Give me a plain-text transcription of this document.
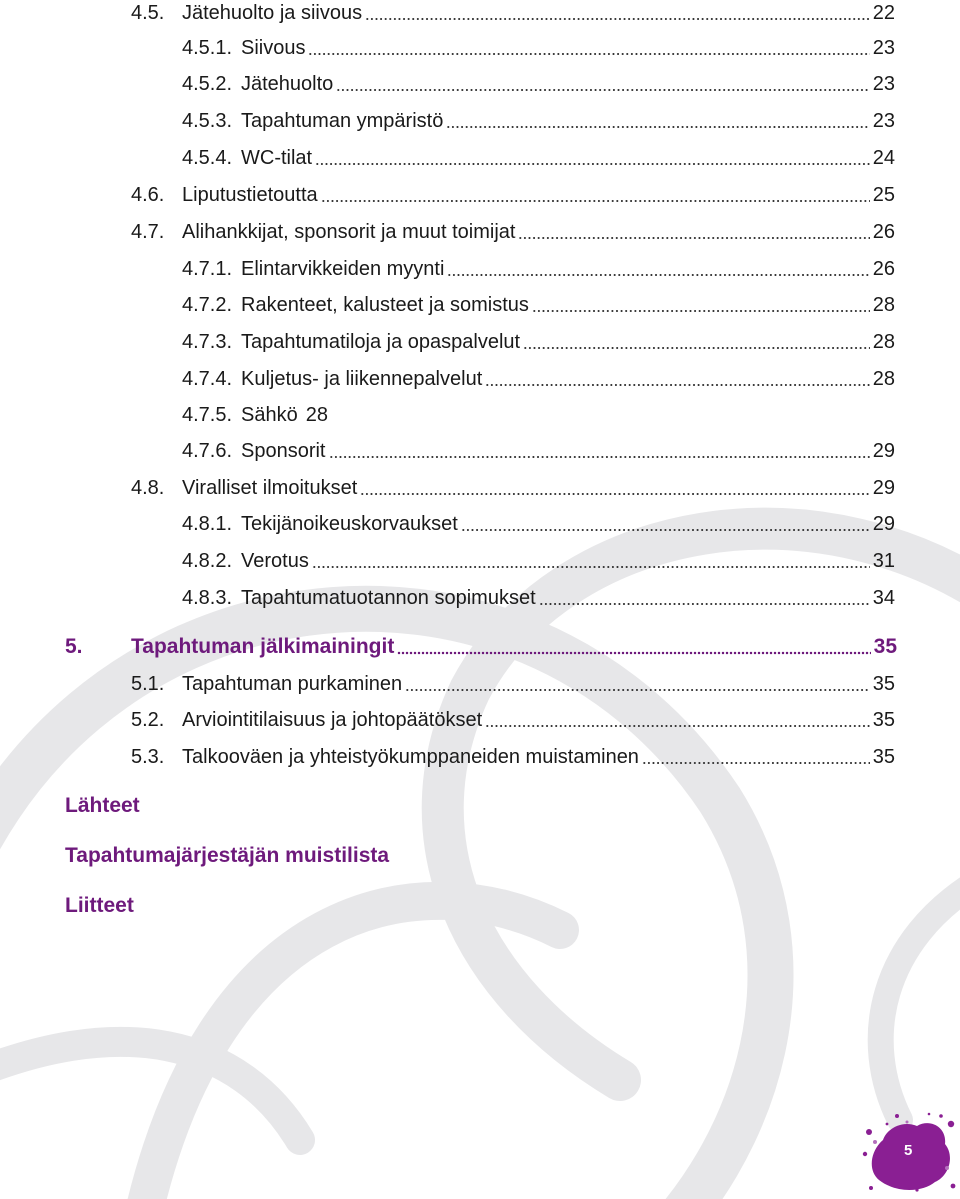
4.5. Jätehuolto ja siivous	22
4.5.1. Siivous	23
4.5.2. Jätehuolto	23
4.5.3. Tapahtuman ympäristö	23
4.5.4. WC-tilat	24
4.6. Liputustietoutta	25
4.7. Alihankkijat, sponsorit ja muut toimijat	26
4.7.1. Elintarvikkeiden myynti	26
4.7.2. Rakenteet, kalusteet ja somistus	28
4.7.3. Tapahtumatiloja ja opaspalvelut	28
4.7.4. Kuljetus- ja liikennepalvelut	28
4.7.5. Sähkö 28
4.7.6. Sponsorit	29
4.8. Viralliset ilmoitukset	29
4.8.1. Tekijänoikeuskorvaukset	29
4.8.2. Verotus	31
4.8.3. Tapahtumatuotannon sopimukset	34
5.	Tapahtuman jälkimainingit	35
5.1. Tapahtuman purkaminen	35
5.2. Arviointitilaisuus ja johtopäätökset	35
5.3. Talkooväen ja yhteistyökumppaneiden muistaminen	35
Lähteet
Tapahtumajärjestäjän muistilista
Liitteet
5
